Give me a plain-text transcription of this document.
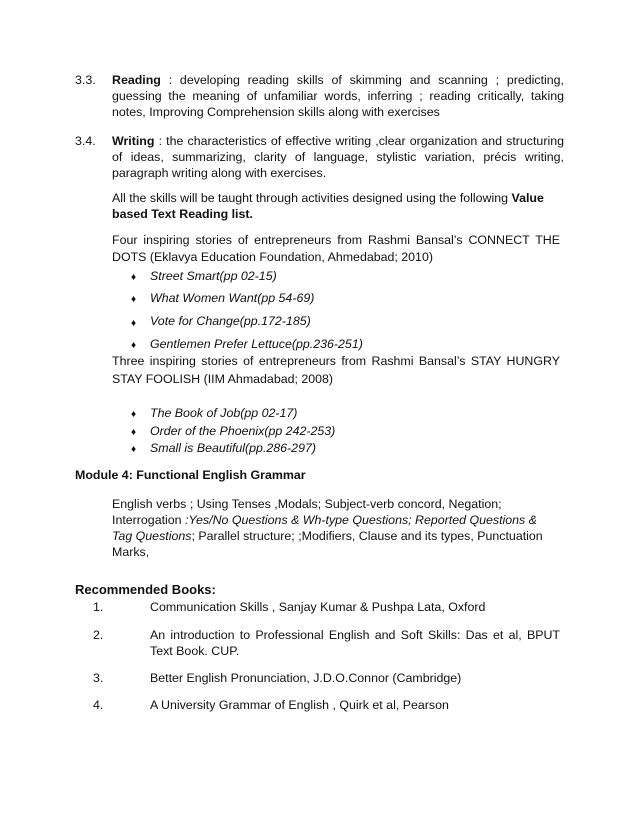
3.3. Reading : developing reading skills of skimming and scanning ; predicting, guessing the meaning of unfamiliar words, inferring ; reading critically, taking notes, Improving Comprehension skills along with exercises
3.4. Writing : the characteristics of effective writing ,clear organization and structuring of ideas, summarizing, clarity of language, stylistic variation, précis writing, paragraph writing along with exercises.
All the skills will be taught through activities designed using the following Value based Text Reading list.
Four inspiring stories of entrepreneurs from Rashmi Bansal’s CONNECT THE DOTS (Eklavya Education Foundation, Ahmedabad; 2010)
♦ Street Smart(pp 02-15)
♦ What Women Want(pp 54-69)
♦ Vote for Change(pp.172-185)
♦ Gentlemen Prefer Lettuce(pp.236-251)
Three inspiring stories of entrepreneurs from Rashmi Bansal’s STAY HUNGRY STAY FOOLISH (IIM Ahmadabad; 2008)
♦ The Book of Job(pp 02-17)
♦ Order of the Phoenix(pp 242-253)
♦ Small is Beautiful(pp.286-297)
Module 4: Functional English Grammar
English verbs ; Using Tenses ,Modals; Subject-verb concord, Negation;
Interrogation :Yes/No Questions & Wh-type Questions; Reported Questions &
Tag Questions; Parallel structure; ;Modifiers, Clause and its types, Punctuation
Marks,
Recommended Books:
1.	Communication Skills , Sanjay Kumar & Pushpa Lata, Oxford
2.	An introduction to Professional English and Soft Skills: Das et al, BPUT Text Book. CUP.
3.	Better English Pronunciation, J.D.O.Connor (Cambridge)
4.	A University Grammar of English , Quirk et al, Pearson
